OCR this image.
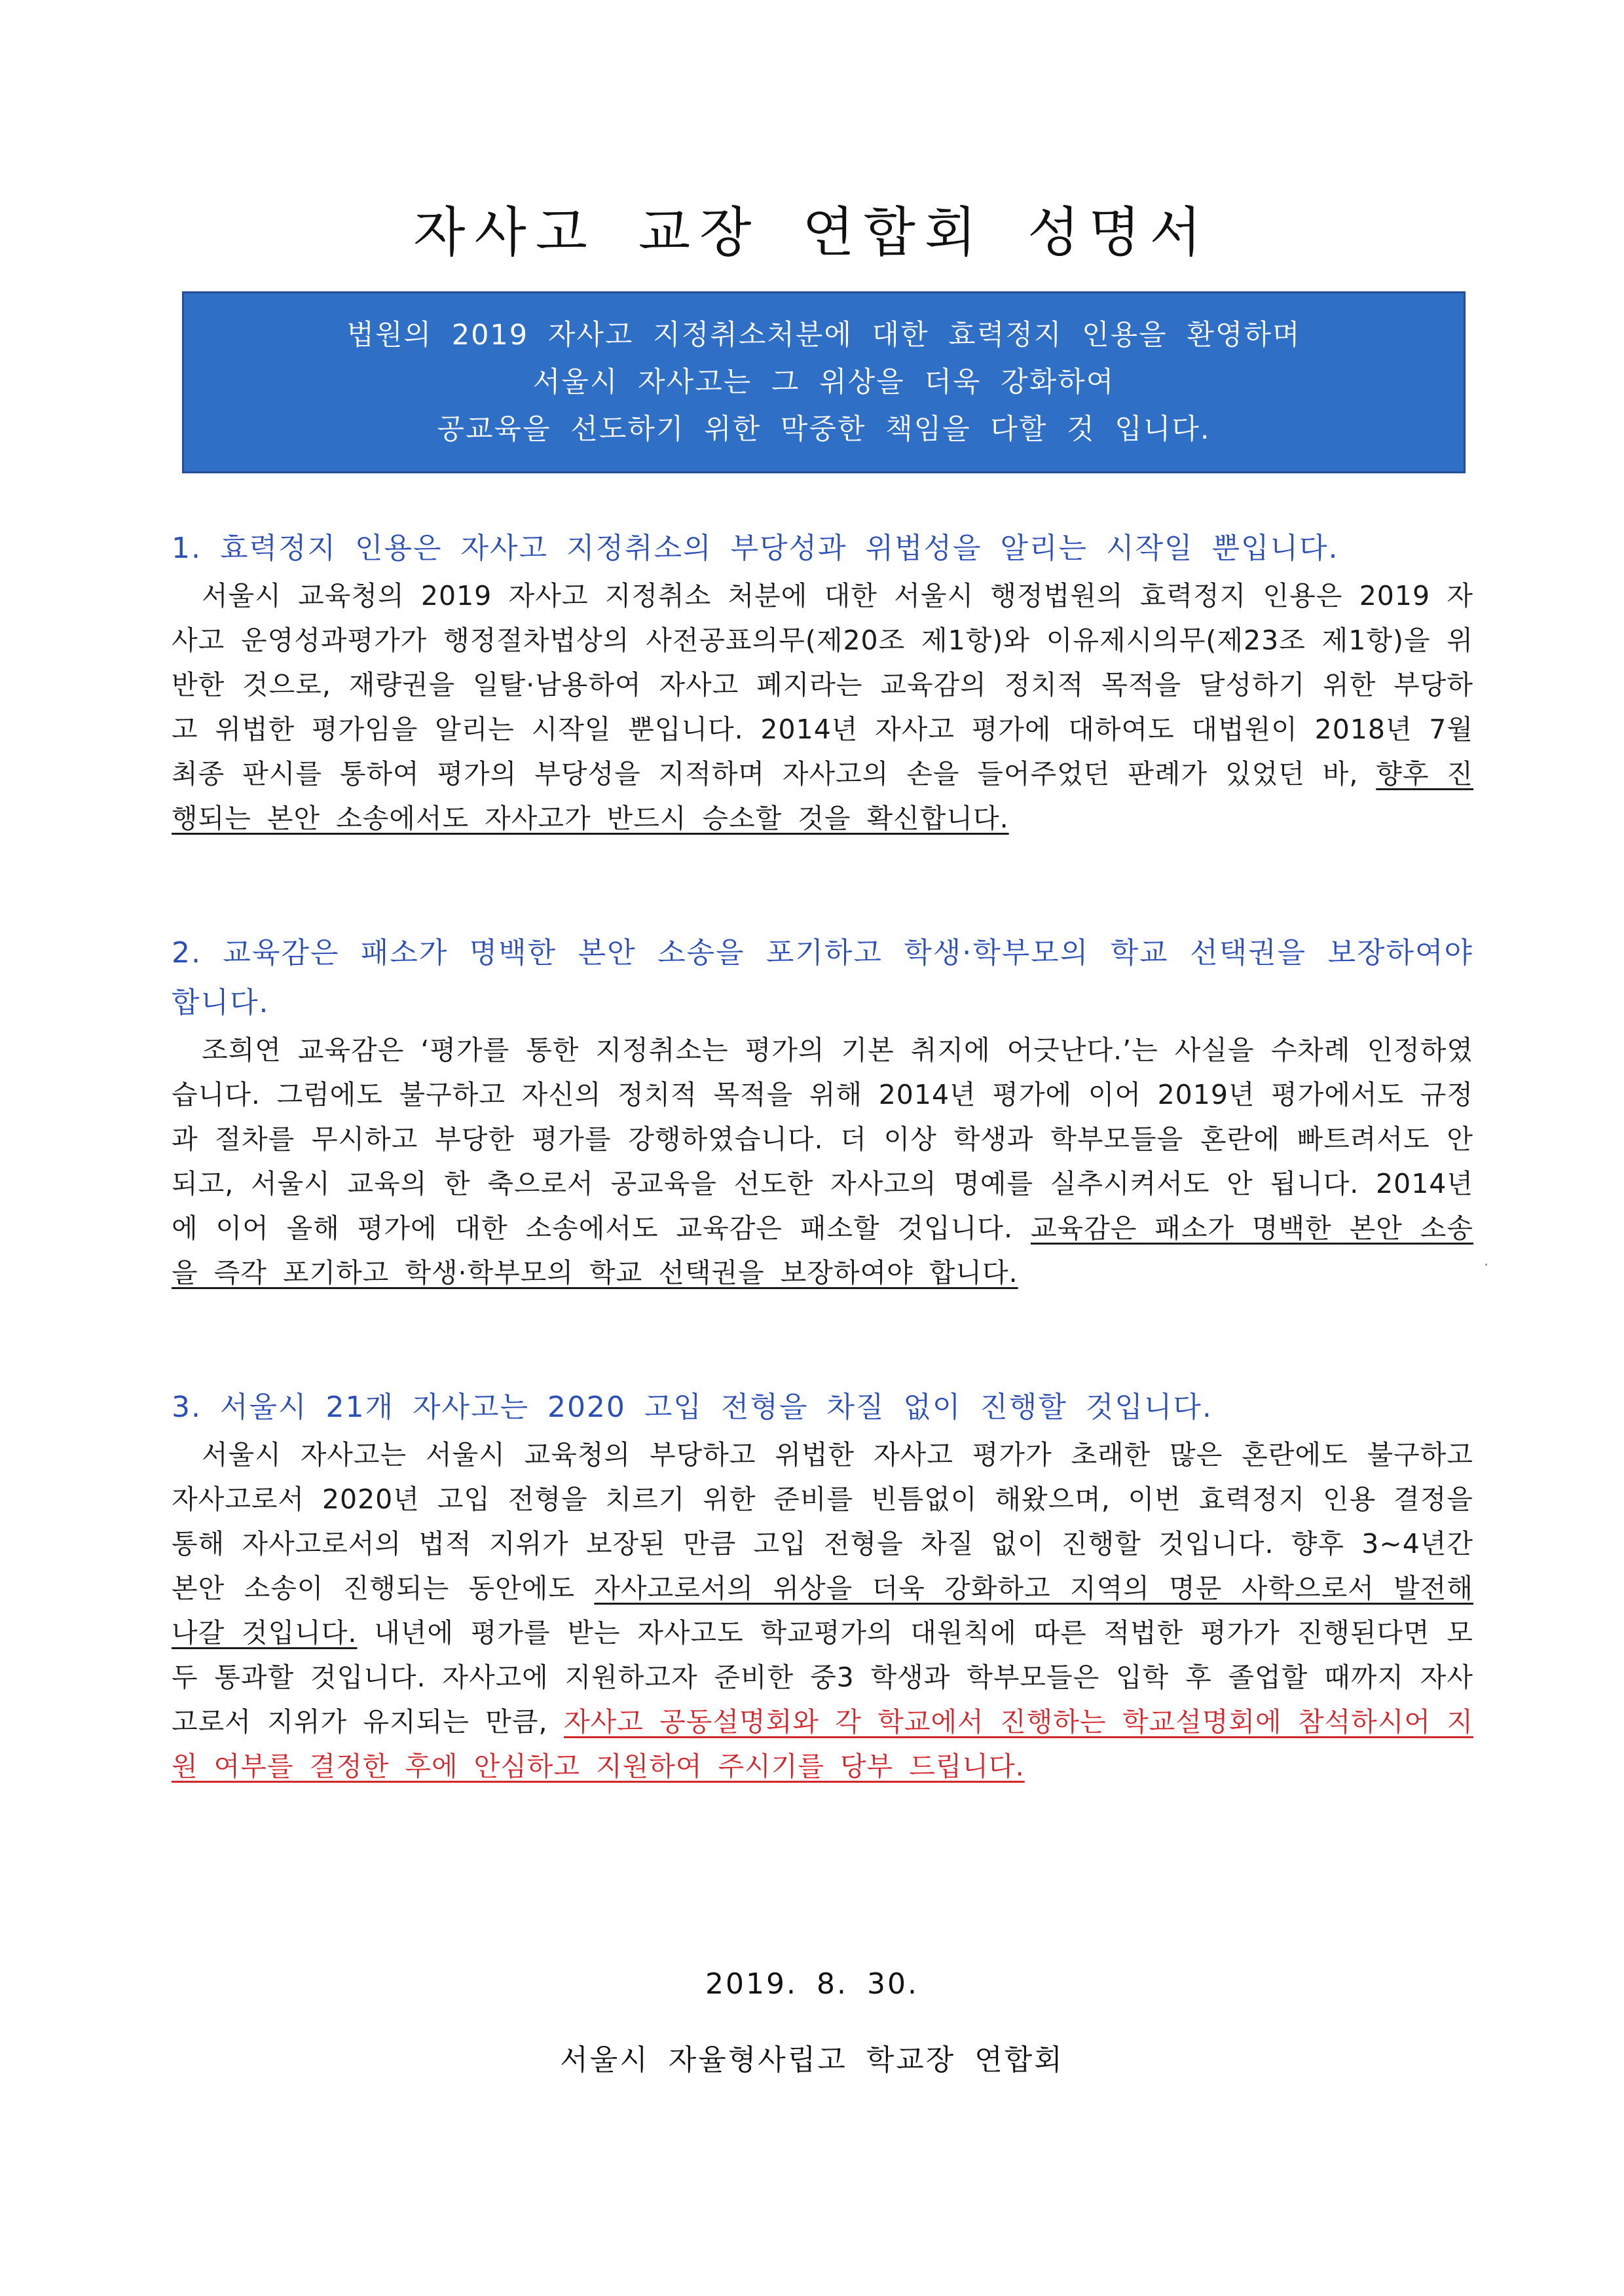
자사고 교장 연합회 성명서
법원의 2019 자사고 지정취소처분에 대한 효력정지 인용을 환영하며
서울시 자사고는 그 위상을 더욱 강화하여
공교육을 선도하기 위한 막중한 책임을 다할 것 입니다.
1. 효력정지 인용은 자사고 지정취소의 부당성과 위법성을 알리는 시작일 뿐입니다.
서울시 교육청의 2019 자사고 지정취소 처분에 대한 서울시 행정법원의 효력정지 인용은 2019 자사고 운영성과평가가 행정절차법상의 사전공표의무(제20조 제1항)와 이유제시의무(제23조 제1항)을 위반한 것으로, 재량권을 일탈·남용하여 자사고 폐지라는 교육감의 정치적 목적을 달성하기 위한 부당하고 위법한 평가임을 알리는 시작일 뿐입니다. 2014년 자사고 평가에 대하여도 대법원이 2018년 7월 최종 판시를 통하여 평가의 부당성을 지적하며 자사고의 손을 들어주었던 판례가 있었던 바, 향후 진행되는 본안 소송에서도 자사고가 반드시 승소할 것을 확신합니다.
2. 교육감은 패소가 명백한 본안 소송을 포기하고 학생·학부모의 학교 선택권을 보장하여야 합니다.
조희연 교육감은 ‘평가를 통한 지정취소는 평가의 기본 취지에 어긋난다.’는 사실을 수차례 인정하였습니다. 그럼에도 불구하고 자신의 정치적 목적을 위해 2014년 평가에 이어 2019년 평가에서도 규정과 절차를 무시하고 부당한 평가를 강행하였습니다. 더 이상 학생과 학부모들을 혼란에 빠트려서도 안 되고, 서울시 교육의 한 축으로서 공교육을 선도한 자사고의 명예를 실추시켜서도 안 됩니다. 2014년에 이어 올해 평가에 대한 소송에서도 교육감은 패소할 것입니다. 교육감은 패소가 명백한 본안 소송을 즉각 포기하고 학생·학부모의 학교 선택권을 보장하여야 합니다.
3. 서울시 21개 자사고는 2020 고입 전형을 차질 없이 진행할 것입니다.
서울시 자사고는 서울시 교육청의 부당하고 위법한 자사고 평가가 초래한 많은 혼란에도 불구하고 자사고로서 2020년 고입 전형을 치르기 위한 준비를 빈틈없이 해왔으며, 이번 효력정지 인용 결정을 통해 자사고로서의 법적 지위가 보장된 만큼 고입 전형을 차질 없이 진행할 것입니다. 향후 3~4년간 본안 소송이 진행되는 동안에도 자사고로서의 위상을 더욱 강화하고 지역의 명문 사학으로서 발전해 나갈 것입니다. 내년에 평가를 받는 자사고도 학교평가의 대원칙에 따른 적법한 평가가 진행된다면 모두 통과할 것입니다. 자사고에 지원하고자 준비한 중3 학생과 학부모들은 입학 후 졸업할 때까지 자사고로서 지위가 유지되는 만큼, 자사고 공동설명회와 각 학교에서 진행하는 학교설명회에 참석하시어 지원 여부를 결정한 후에 안심하고 지원하여 주시기를 당부 드립니다.
2019. 8. 30.
서울시 자율형사립고 학교장 연합회
